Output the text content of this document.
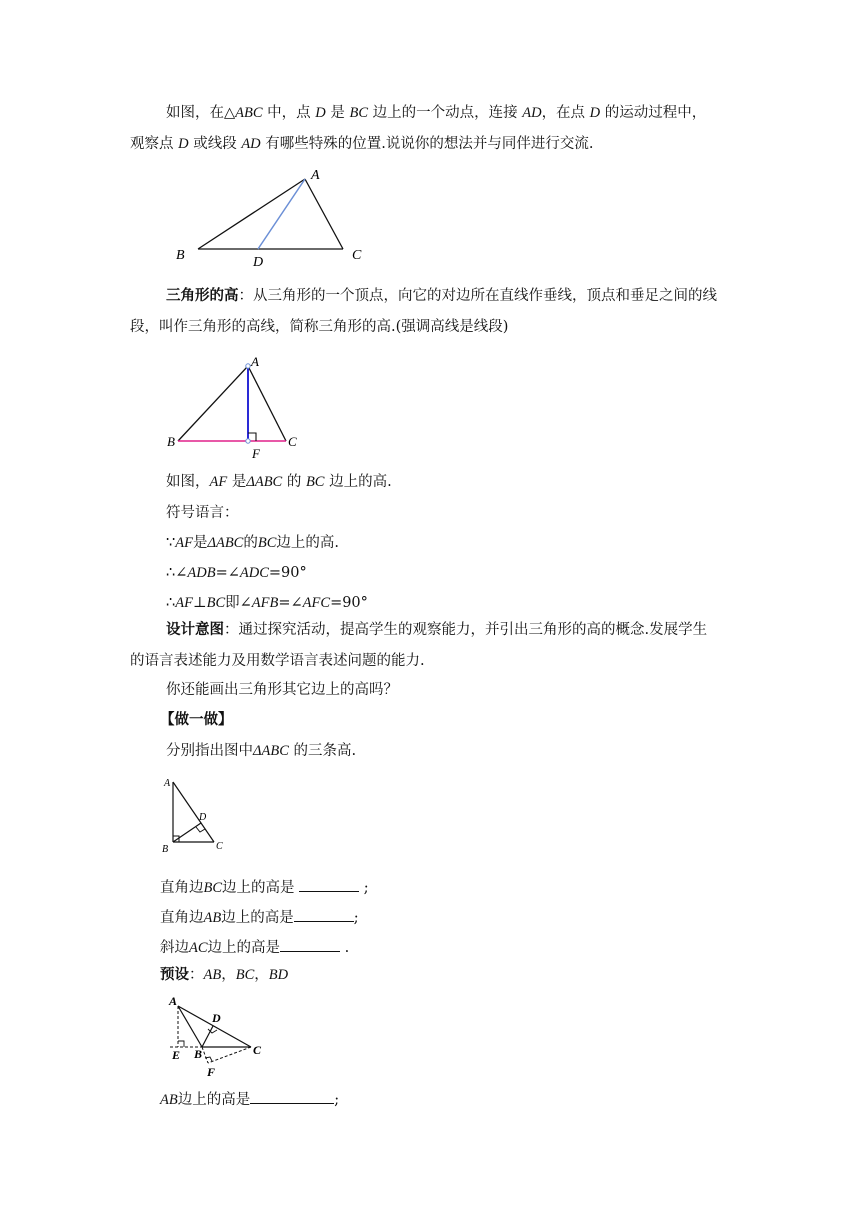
如图，在△ABC 中，点 D 是 BC 边上的一个动点，连接 AD，在点 D 的运动过程中，
观察点 D 或线段 AD 有哪些特殊的位置.说说你的想法并与同伴进行交流.
A
B	C
D
三角形的高：从三角形的一个顶点，向它的对边所在直线作垂线，顶点和垂足之间的线
段，叫作三角形的高线，简称三角形的高.(强调高线是线段)
A
B	C
F
如图，AF 是ΔABC 的 BC 边上的高.
符号语言：
∵AF是ΔABC的BC边上的高.
∴∠ADB=∠ADC=90°
∴AF⊥BC即∠AFB=∠AFC=90°
设计意图：通过探究活动，提高学生的观察能力，并引出三角形的高的概念.发展学生
的语言表述能力及用数学语言表述问题的能力.
你还能画出三角形其它边上的高吗？
【做一做】
分别指出图中ΔABC 的三条高.
A
B	C
D
直角边BC边上的高是	;
直角边AB边上的高是	;
斜边AC边上的高是	.
预设：AB，BC，BD
A
D
E B	C
F
AB边上的高是	;
